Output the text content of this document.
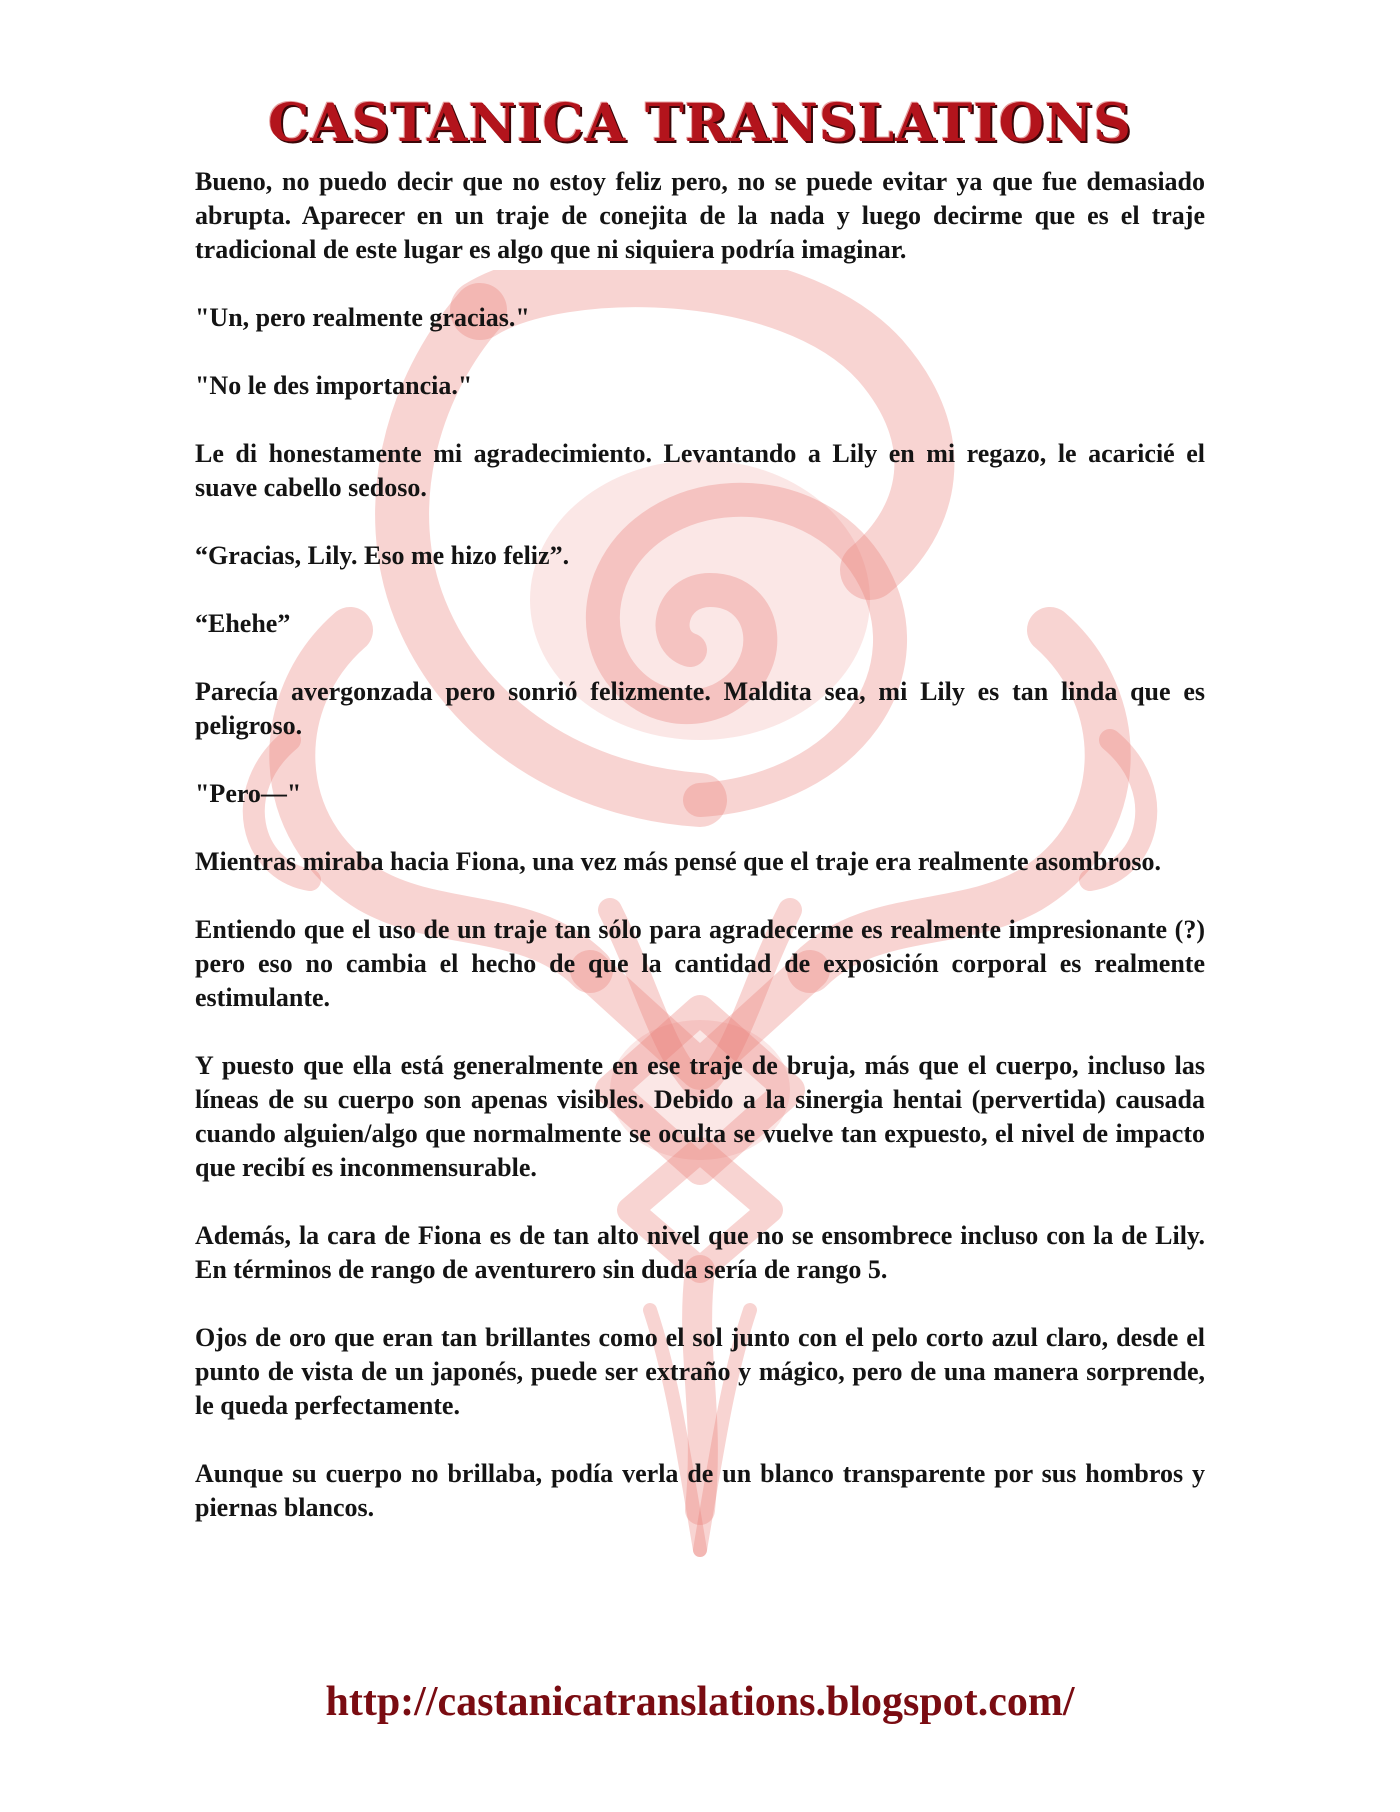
CASTANICA TRANSLATIONS

Bueno, no puedo decir que no estoy feliz pero, no se puede evitar ya que fue demasiado abrupta. Aparecer en un traje de conejita de la nada y luego decirme que es el traje tradicional de este lugar es algo que ni siquiera podría imaginar.

"Un, pero realmente gracias."

"No le des importancia."

Le di honestamente mi agradecimiento. Levantando a Lily en mi regazo, le acaricié el suave cabello sedoso.

“Gracias, Lily. Eso me hizo feliz”.

“Ehehe”

Parecía avergonzada pero sonrió felizmente. Maldita sea, mi Lily es tan linda que es peligroso.

"Pero—"

Mientras miraba hacia Fiona, una vez más pensé que el traje era realmente asombroso.

Entiendo que el uso de un traje tan sólo para agradecerme es realmente impresionante (?) pero eso no cambia el hecho de que la cantidad de exposición corporal es realmente estimulante.

Y puesto que ella está generalmente en ese traje de bruja, más que el cuerpo, incluso las líneas de su cuerpo son apenas visibles. Debido a la sinergia hentai (pervertida) causada cuando alguien/algo que normalmente se oculta se vuelve tan expuesto, el nivel de impacto que recibí es inconmensurable.

Además, la cara de Fiona es de tan alto nivel que no se ensombrece incluso con la de Lily. En términos de rango de aventurero sin duda sería de rango 5.

Ojos de oro que eran tan brillantes como el sol junto con el pelo corto azul claro, desde el punto de vista de un japonés, puede ser extraño y mágico, pero de una manera sorprende, le queda perfectamente.

Aunque su cuerpo no brillaba, podía verla de un blanco transparente por sus hombros y piernas blancos.

http://castanicatranslations.blogspot.com/
